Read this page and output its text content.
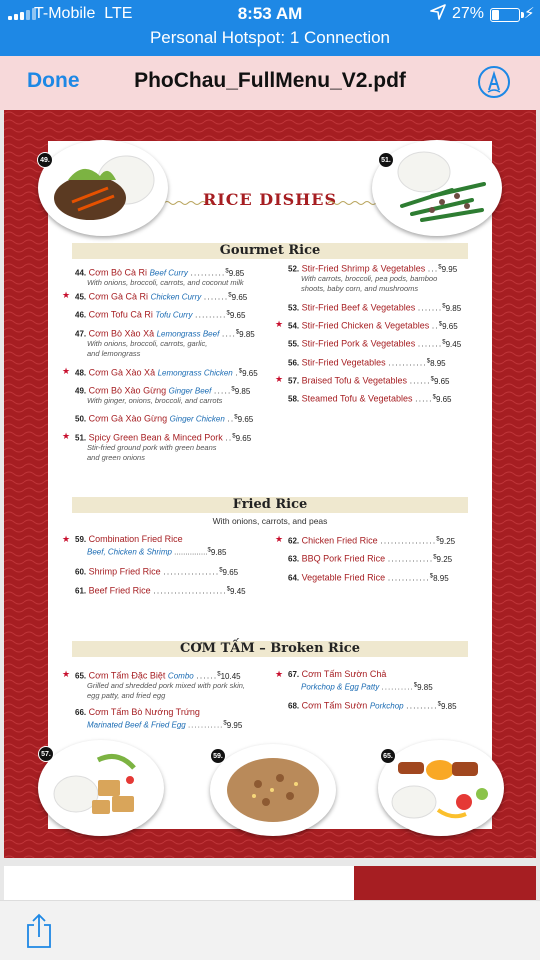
T-Mobile LTE	8:53 AM	27%	⚡
Personal Hotspot: 1 Connection
Done	PhoChau_FullMenu_V2.pdf
RICE DISHES
Gourmet Rice
44. Cơm Bò Cà Ri Beef Curry ..........$9.85
With onions, broccoli, carrots, and coconut milk
★ 45. Cơm Gà Cà Ri Chicken Curry .......$9.65
46. Cơm Tofu Cà Ri Tofu Curry .........$9.65
47. Cơm Bò Xào Xả Lemongrass Beef ....$9.85
With onions, broccoli, carrots, garlic,
and lemongrass
★ 48. Cơm Gà Xào Xả Lemongrass Chicken .$9.65
49. Cơm Bò Xào Gừng Ginger Beef .....$9.85
With ginger, onions, broccoli, and carrots
50. Cơm Gà Xào Gừng Ginger Chicken ..$9.65
★ 51. Spicy Green Bean & Minced Pork ..$9.65
Stir-fried ground pork with green beans
and green onions
52. Stir-Fried Shrimp & Vegetables ...$9.95
With carrots, broccoli, pea pods, bamboo
shoots, baby corn, and mushrooms
53. Stir-Fried Beef & Vegetables .......$9.85
★ 54. Stir-Fried Chicken & Vegetables ..$9.65
55. Stir-Fried Pork & Vegetables .......$9.45
56. Stir-Fried Vegetables ...........$8.95
★ 57. Braised Tofu & Vegetables ......$9.65
58. Steamed Tofu & Vegetables .....$9.65
Fried Rice
With onions, carrots, and peas
★ 59. Combination Fried Rice
Beef, Chicken & Shrimp ...............$9.85
60. Shrimp Fried Rice ................$9.65
61. Beef Fried Rice .....................$9.45
★ 62. Chicken Fried Rice ................$9.25
63. BBQ Pork Fried Rice .............$9.25
64. Vegetable Fried Rice ............$8.95
CƠM TẤM – Broken Rice
★ 65. Cơm Tấm Đặc Biệt Combo ......$10.45
Grilled and shredded pork mixed with pork skin,
egg patty, and fried egg
66. Cơm Tấm Bò Nướng Trứng
Marinated Beef & Fried Egg ...........$9.95
★ 67. Cơm Tấm Sườn Chả
Porkchop & Egg Patty ..........$9.85
68. Cơm Tấm Sườn Porkchop .........$9.85
49.	51.
57.	59.	65.
